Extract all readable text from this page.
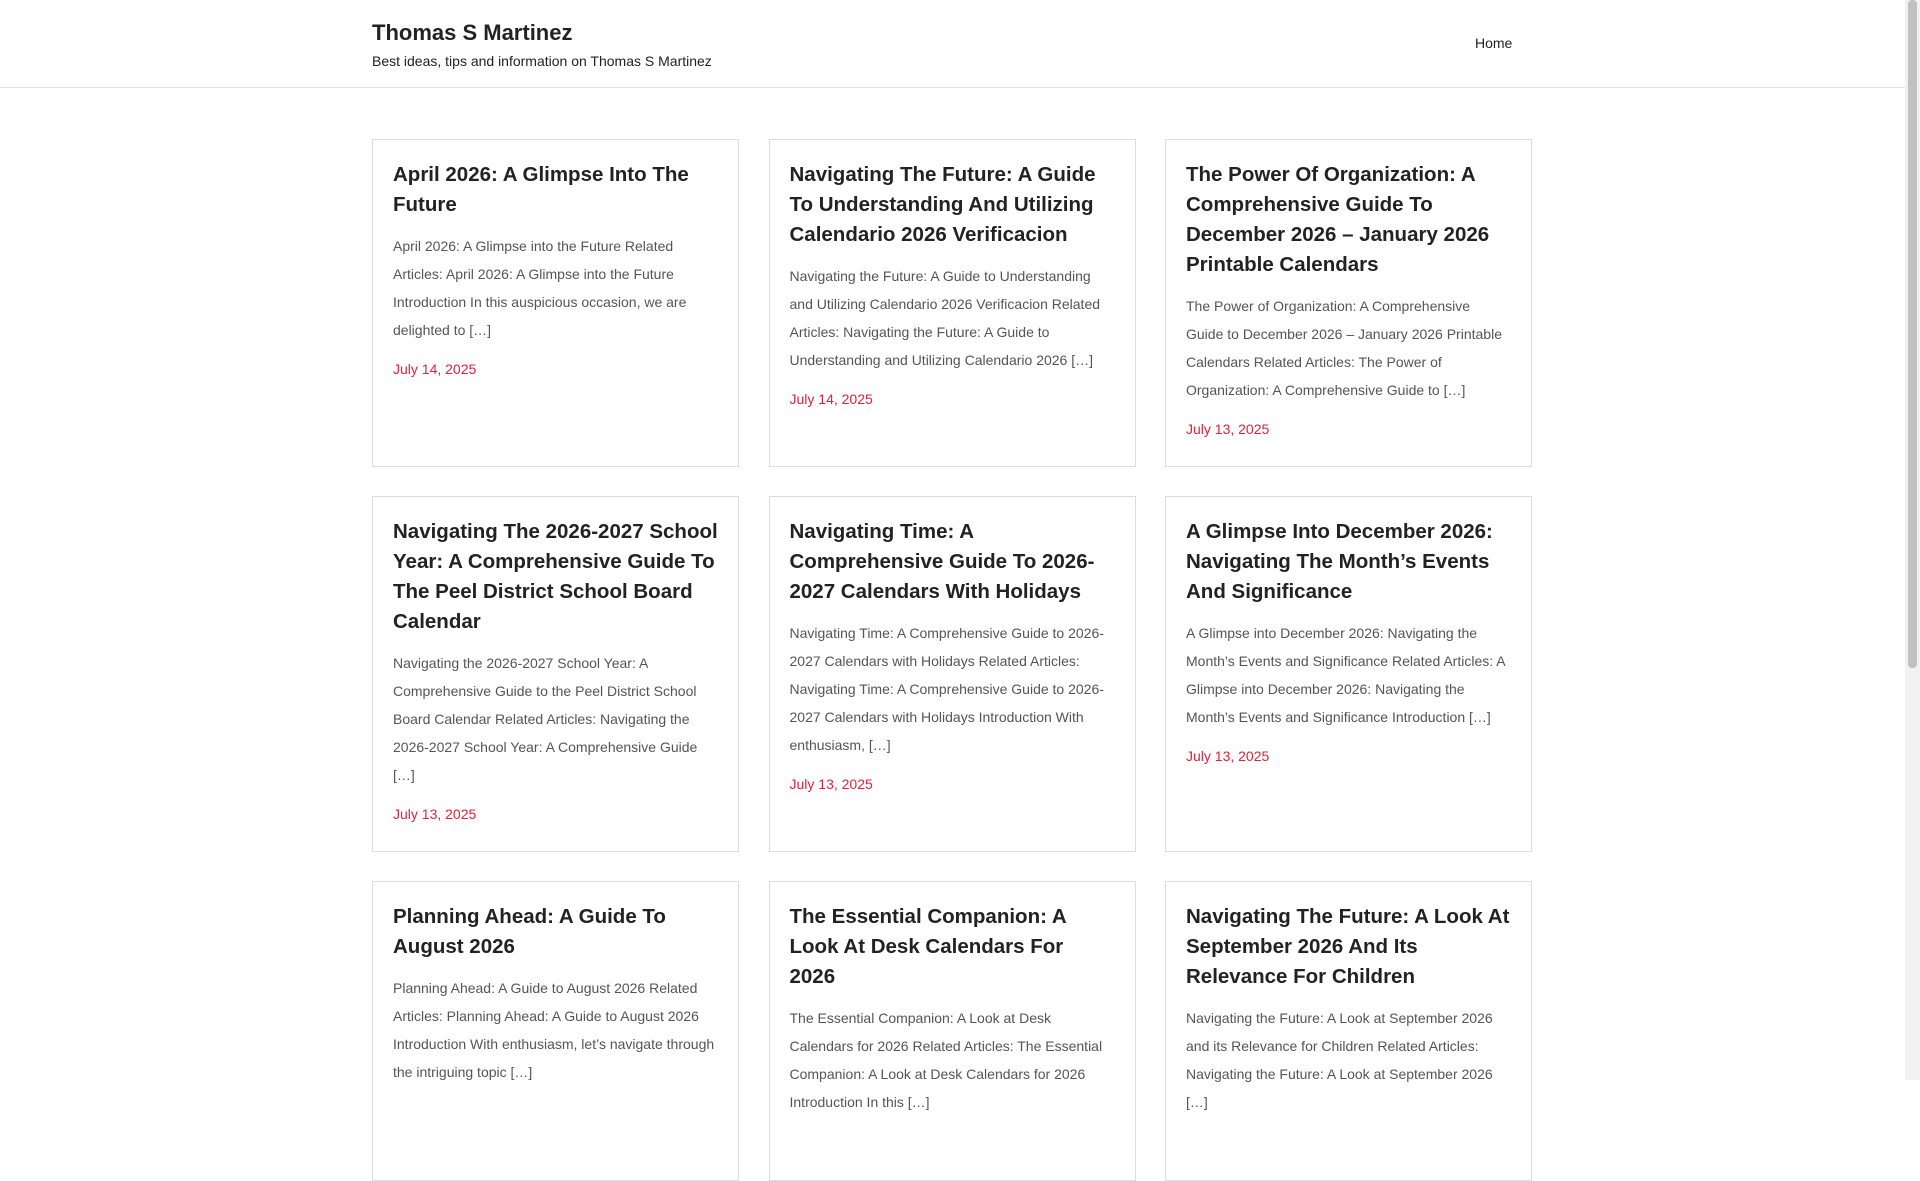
Thomas S Martinez
Best ideas, tips and information on Thomas S Martinez
Home
April 2026: A Glimpse Into The Future

April 2026: A Glimpse into the Future Related Articles: April 2026: A Glimpse into the Future Introduction In this auspicious occasion, we are delighted to […]

July 14, 2025
Navigating The Future: A Guide To Understanding And Utilizing Calendario 2026 Verificacion

Navigating the Future: A Guide to Understanding and Utilizing Calendario 2026 Verificacion Related Articles: Navigating the Future: A Guide to Understanding and Utilizing Calendario 2026 […]

July 14, 2025
The Power Of Organization: A Comprehensive Guide To December 2026 – January 2026 Printable Calendars

The Power of Organization: A Comprehensive Guide to December 2026 – January 2026 Printable Calendars Related Articles: The Power of Organization: A Comprehensive Guide to […]

July 13, 2025
Navigating The 2026-2027 School Year: A Comprehensive Guide To The Peel District School Board Calendar

Navigating the 2026-2027 School Year: A Comprehensive Guide to the Peel District School Board Calendar Related Articles: Navigating the 2026-2027 School Year: A Comprehensive Guide […]

July 13, 2025
Navigating Time: A Comprehensive Guide To 2026-2027 Calendars With Holidays

Navigating Time: A Comprehensive Guide to 2026-2027 Calendars with Holidays Related Articles: Navigating Time: A Comprehensive Guide to 2026-2027 Calendars with Holidays Introduction With enthusiasm, […]

July 13, 2025
A Glimpse Into December 2026: Navigating The Month’s Events And Significance

A Glimpse into December 2026: Navigating the Month’s Events and Significance Related Articles: A Glimpse into December 2026: Navigating the Month’s Events and Significance Introduction […]

July 13, 2025
Planning Ahead: A Guide To August 2026

Planning Ahead: A Guide to August 2026 Related Articles: Planning Ahead: A Guide to August 2026 Introduction With enthusiasm, let’s navigate through the intriguing topic […]

The Essential Companion: A Look At Desk Calendars For 2026

The Essential Companion: A Look at Desk Calendars for 2026 Related Articles: The Essential Companion: A Look at Desk Calendars for 2026 Introduction In this […]

Navigating The Future: A Look At September 2026 And Its Relevance For Children

Navigating the Future: A Look at September 2026 and its Relevance for Children Related Articles: Navigating the Future: A Look at September 2026 […]
